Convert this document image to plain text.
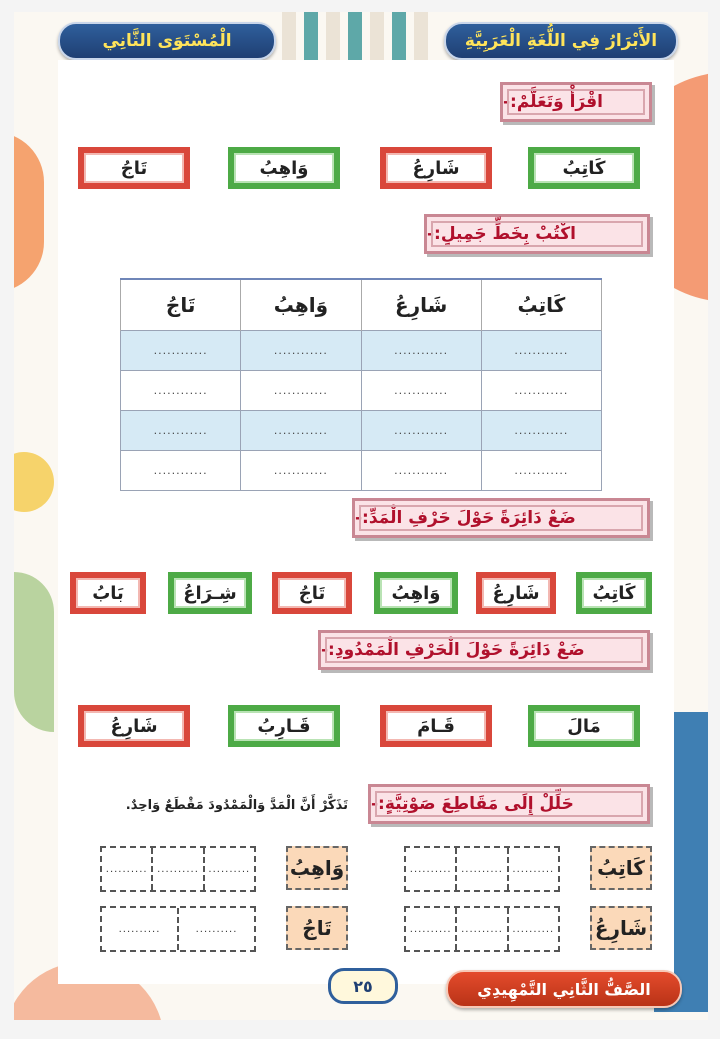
الْمُسْتَوَى الثَّانِي	الأَبْرَارُ فِي اللُّغَةِ الْعَرَبِيَّةِ
اقْرَأْ وَتَعَلَّمْ:-
كَاتِبُ
شَارِعُ
وَاهِبُ
تَاجُ
اكْتُبْ بِخَطٍّ جَمِيلٍ:-
كَاتِبُ	شَارِعُ	وَاهِبُ	تَاجُ
............	............	............	............
............	............	............	............
............	............	............	............
............	............	............	............
ضَعْ دَائِرَةً حَوْلَ حَرْفِ الْمَدِّ:-
كَاتِبُ
شَارِعُ
وَاهِبُ
تَاجُ
شِـرَاعُ
بَابُ
ضَعْ دَائِرَةً حَوْلَ الْحَرْفِ الْمَمْدُودِ:-
مَالَ
قَـامَ
قَـارِبُ
شَارِعُ
حَلِّلْ إِلَى مَقَاطِعَ صَوْتِيَّةٍ:-
تَذَكَّرْ أَنَّ الْمَدَّ وَالْمَمْدُودَ مَقْطَعٌ وَاحِدٌ.
كَاتِبُ
.......... .......... ..........
وَاهِبُ
.......... .......... ..........
شَارِعُ
.......... .......... ..........
تَاجُ
..........	..........
٢٥	الصَّفُّ الثَّانِي التَّمْهِيدِي
